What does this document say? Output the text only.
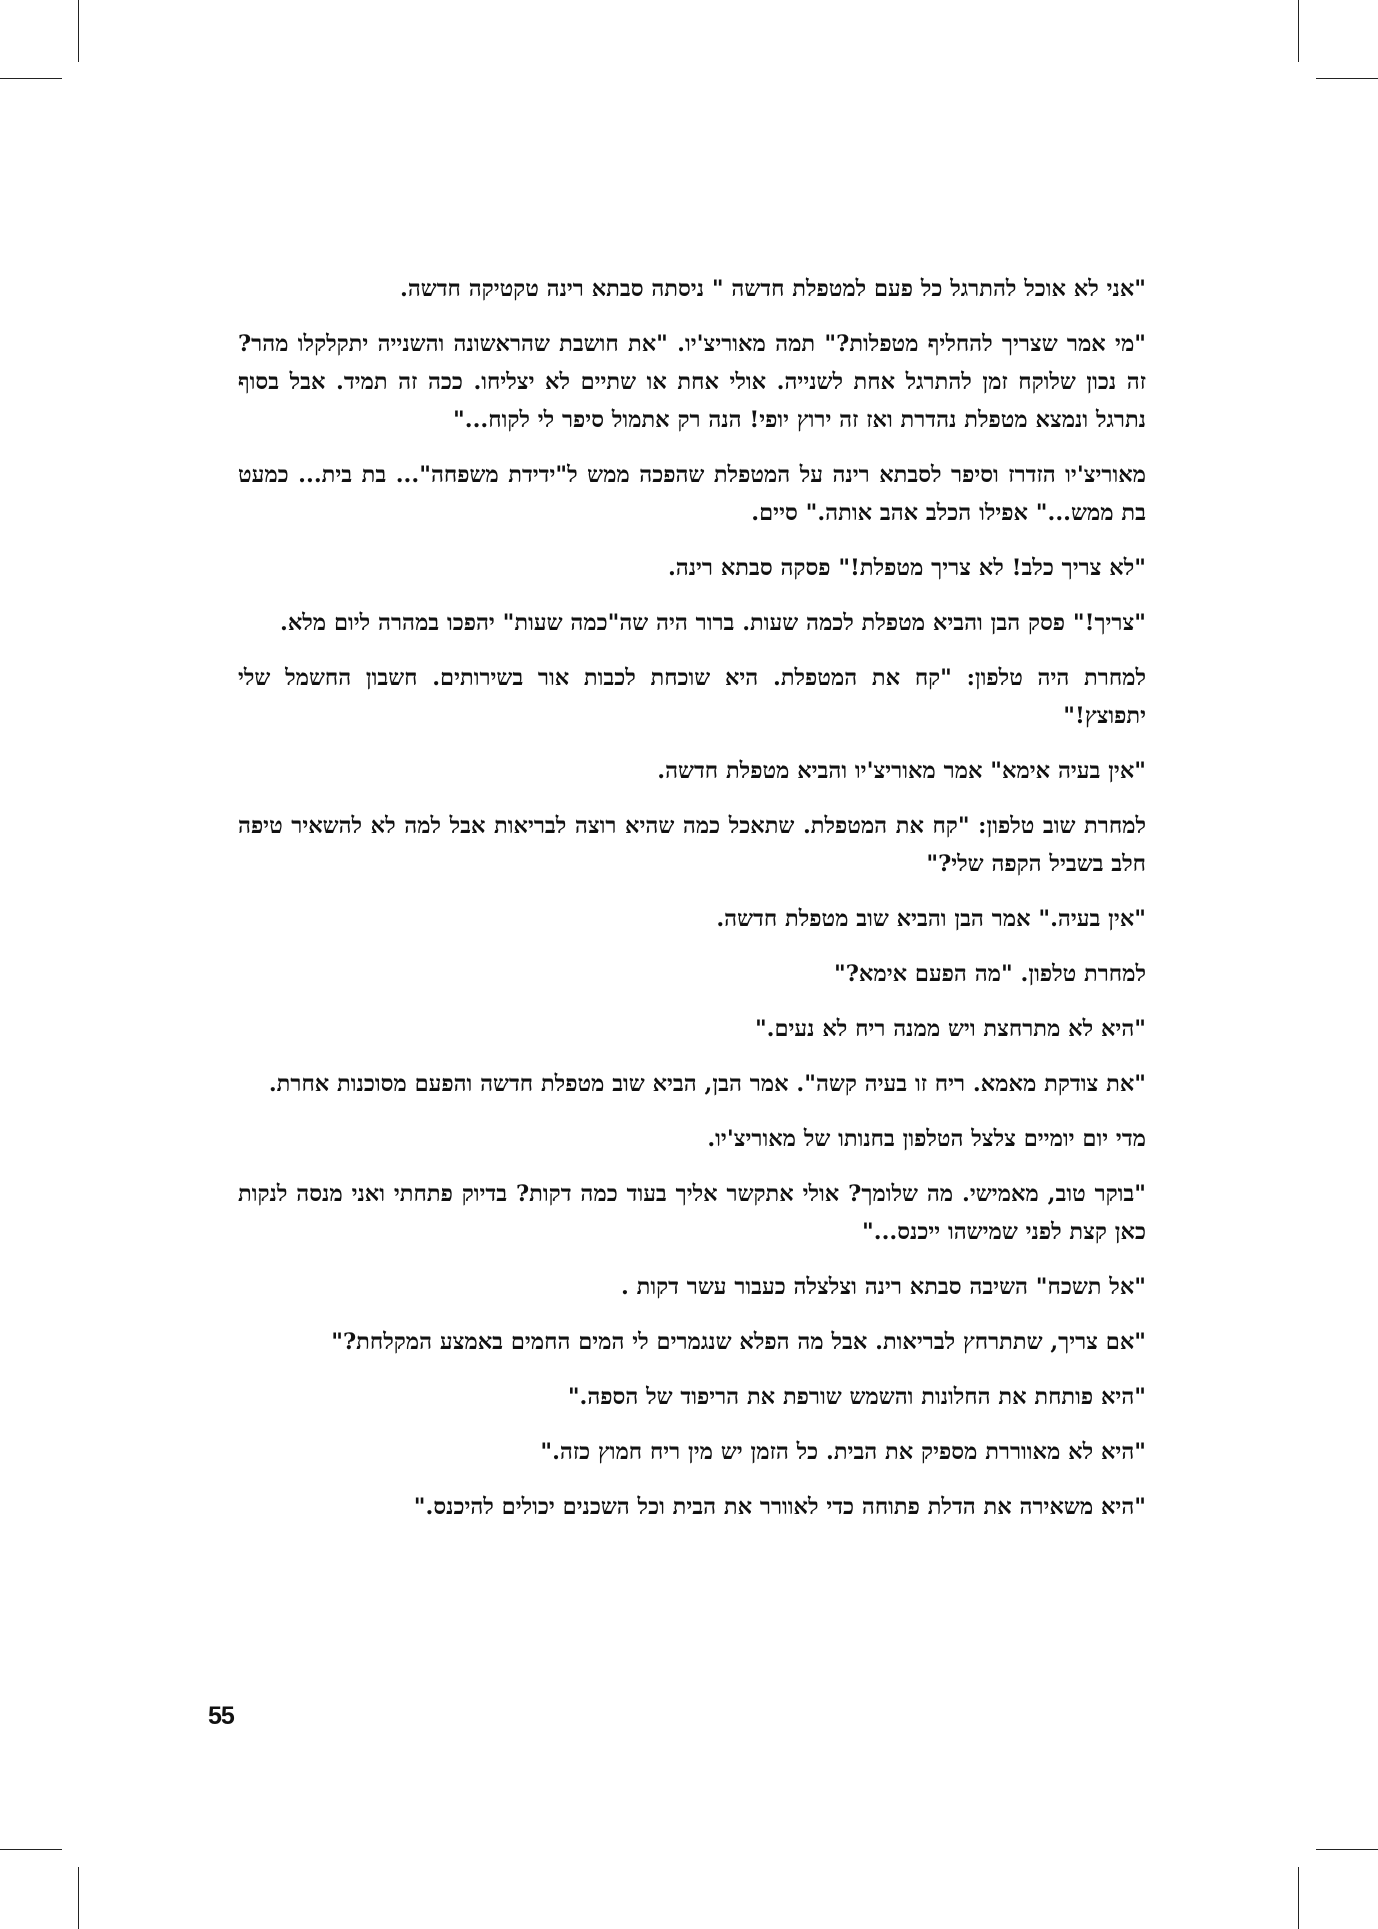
"אני לא אוכל להתרגל כל פעם למטפלת חדשה " ניסתה סבתא רינה טקטיקה חדשה.

"מי אמר שצריך להחליף מטפלות?" תמה מאוריצ'יו. "את חושבת שהראשונה והשנייה יתקלקלו מהר? זה נכון שלוקח זמן להתרגל אחת לשנייה. אולי אחת או שתיים לא יצליחו. ככה זה תמיד. אבל בסוף נתרגל ונמצא מטפלת נהדרת ואז זה ירוץ יופי! הנה רק אתמול סיפר לי לקוח..."

מאוריצ'יו הזדרז וסיפר לסבתא רינה על המטפלת שהפכה ממש ל"ידידת משפחה"... בת בית... כמעט בת ממש..." אפילו הכלב אהב אותה." סיים.

"לא צריך כלב! לא צריך מטפלת!" פסקה סבתא רינה.

"צריך!" פסק הבן והביא מטפלת לכמה שעות. ברור היה שה"כמה שעות" יהפכו במהרה ליום מלא.

למחרת היה טלפון: "קח את המטפלת. היא שוכחת לכבות אור בשירותים. חשבון החשמל שלי יתפוצץ!"

"אין בעיה אימא" אמר מאוריצ'יו והביא מטפלת חדשה.

למחרת שוב טלפון: "קח את המטפלת. שתאכל כמה שהיא רוצה לבריאות אבל למה לא להשאיר טיפה חלב בשביל הקפה שלי?"

"אין בעיה." אמר הבן והביא שוב מטפלת חדשה.

למחרת טלפון. "מה הפעם אימא?"

"היא לא מתרחצת ויש ממנה ריח לא נעים."

"את צודקת מאמא. ריח זו בעיה קשה". אמר הבן, הביא שוב מטפלת חדשה והפעם מסוכנות אחרת.

מדי יום יומיים צלצל הטלפון בחנותו של מאוריצ'יו.

"בוקר טוב, מאמישי. מה שלומך? אולי אתקשר אליך בעוד כמה דקות? בדיוק פתחתי ואני מנסה לנקות כאן קצת לפני שמישהו ייכנס..."

"אל תשכח" השיבה סבתא רינה וצלצלה כעבור עשר דקות .

"אם צריך, שתתרחץ לבריאות. אבל מה הפלא שנגמרים לי המים החמים באמצע המקלחת?"

"היא פותחת את החלונות והשמש שורפת את הריפוד של הספה."

"היא לא מאווררת מספיק את הבית. כל הזמן יש מין ריח חמוץ כזה."

"היא משאירה את הדלת פתוחה כדי לאוורר את הבית וכל השכנים יכולים להיכנס."

55
